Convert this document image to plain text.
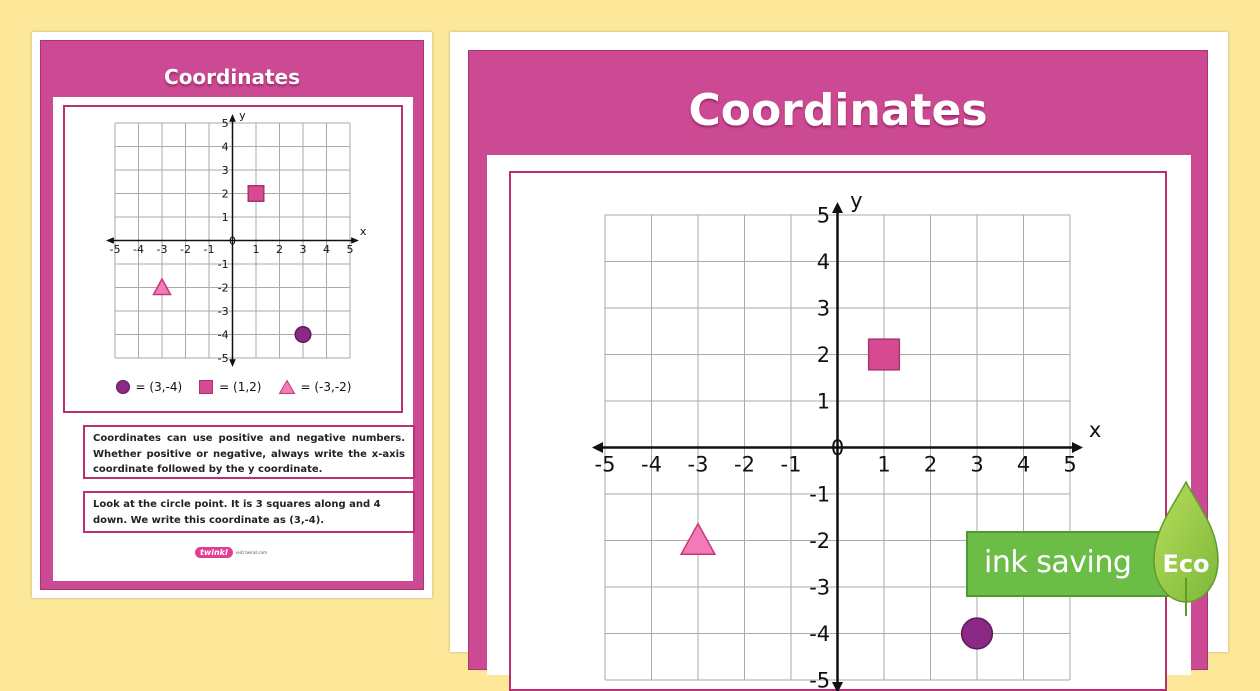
Coordinates
x
y
-5 -4 -3 -2 -1	1 2 3 4 5
5
4
3
2
1
-1
-2
-3
-4
-5
0
= (3,-4)	= (1,2)	= (-3,-2)
Coordinates can use positive and negative numbers. Whether positive or negative, always write the x-axis coordinate followed by the y coordinate.
Look at the circle point. It is 3 squares along and 4 down. We write this coordinate as (3,-4).
twinkl	visit twinkl.com
Coordinates
x
y
-5 -4 -3 -2 -1	1 2 3 4 5
5
4
3
2
1
-1
-2
-3
-4
-5
0
ink saving Eco
